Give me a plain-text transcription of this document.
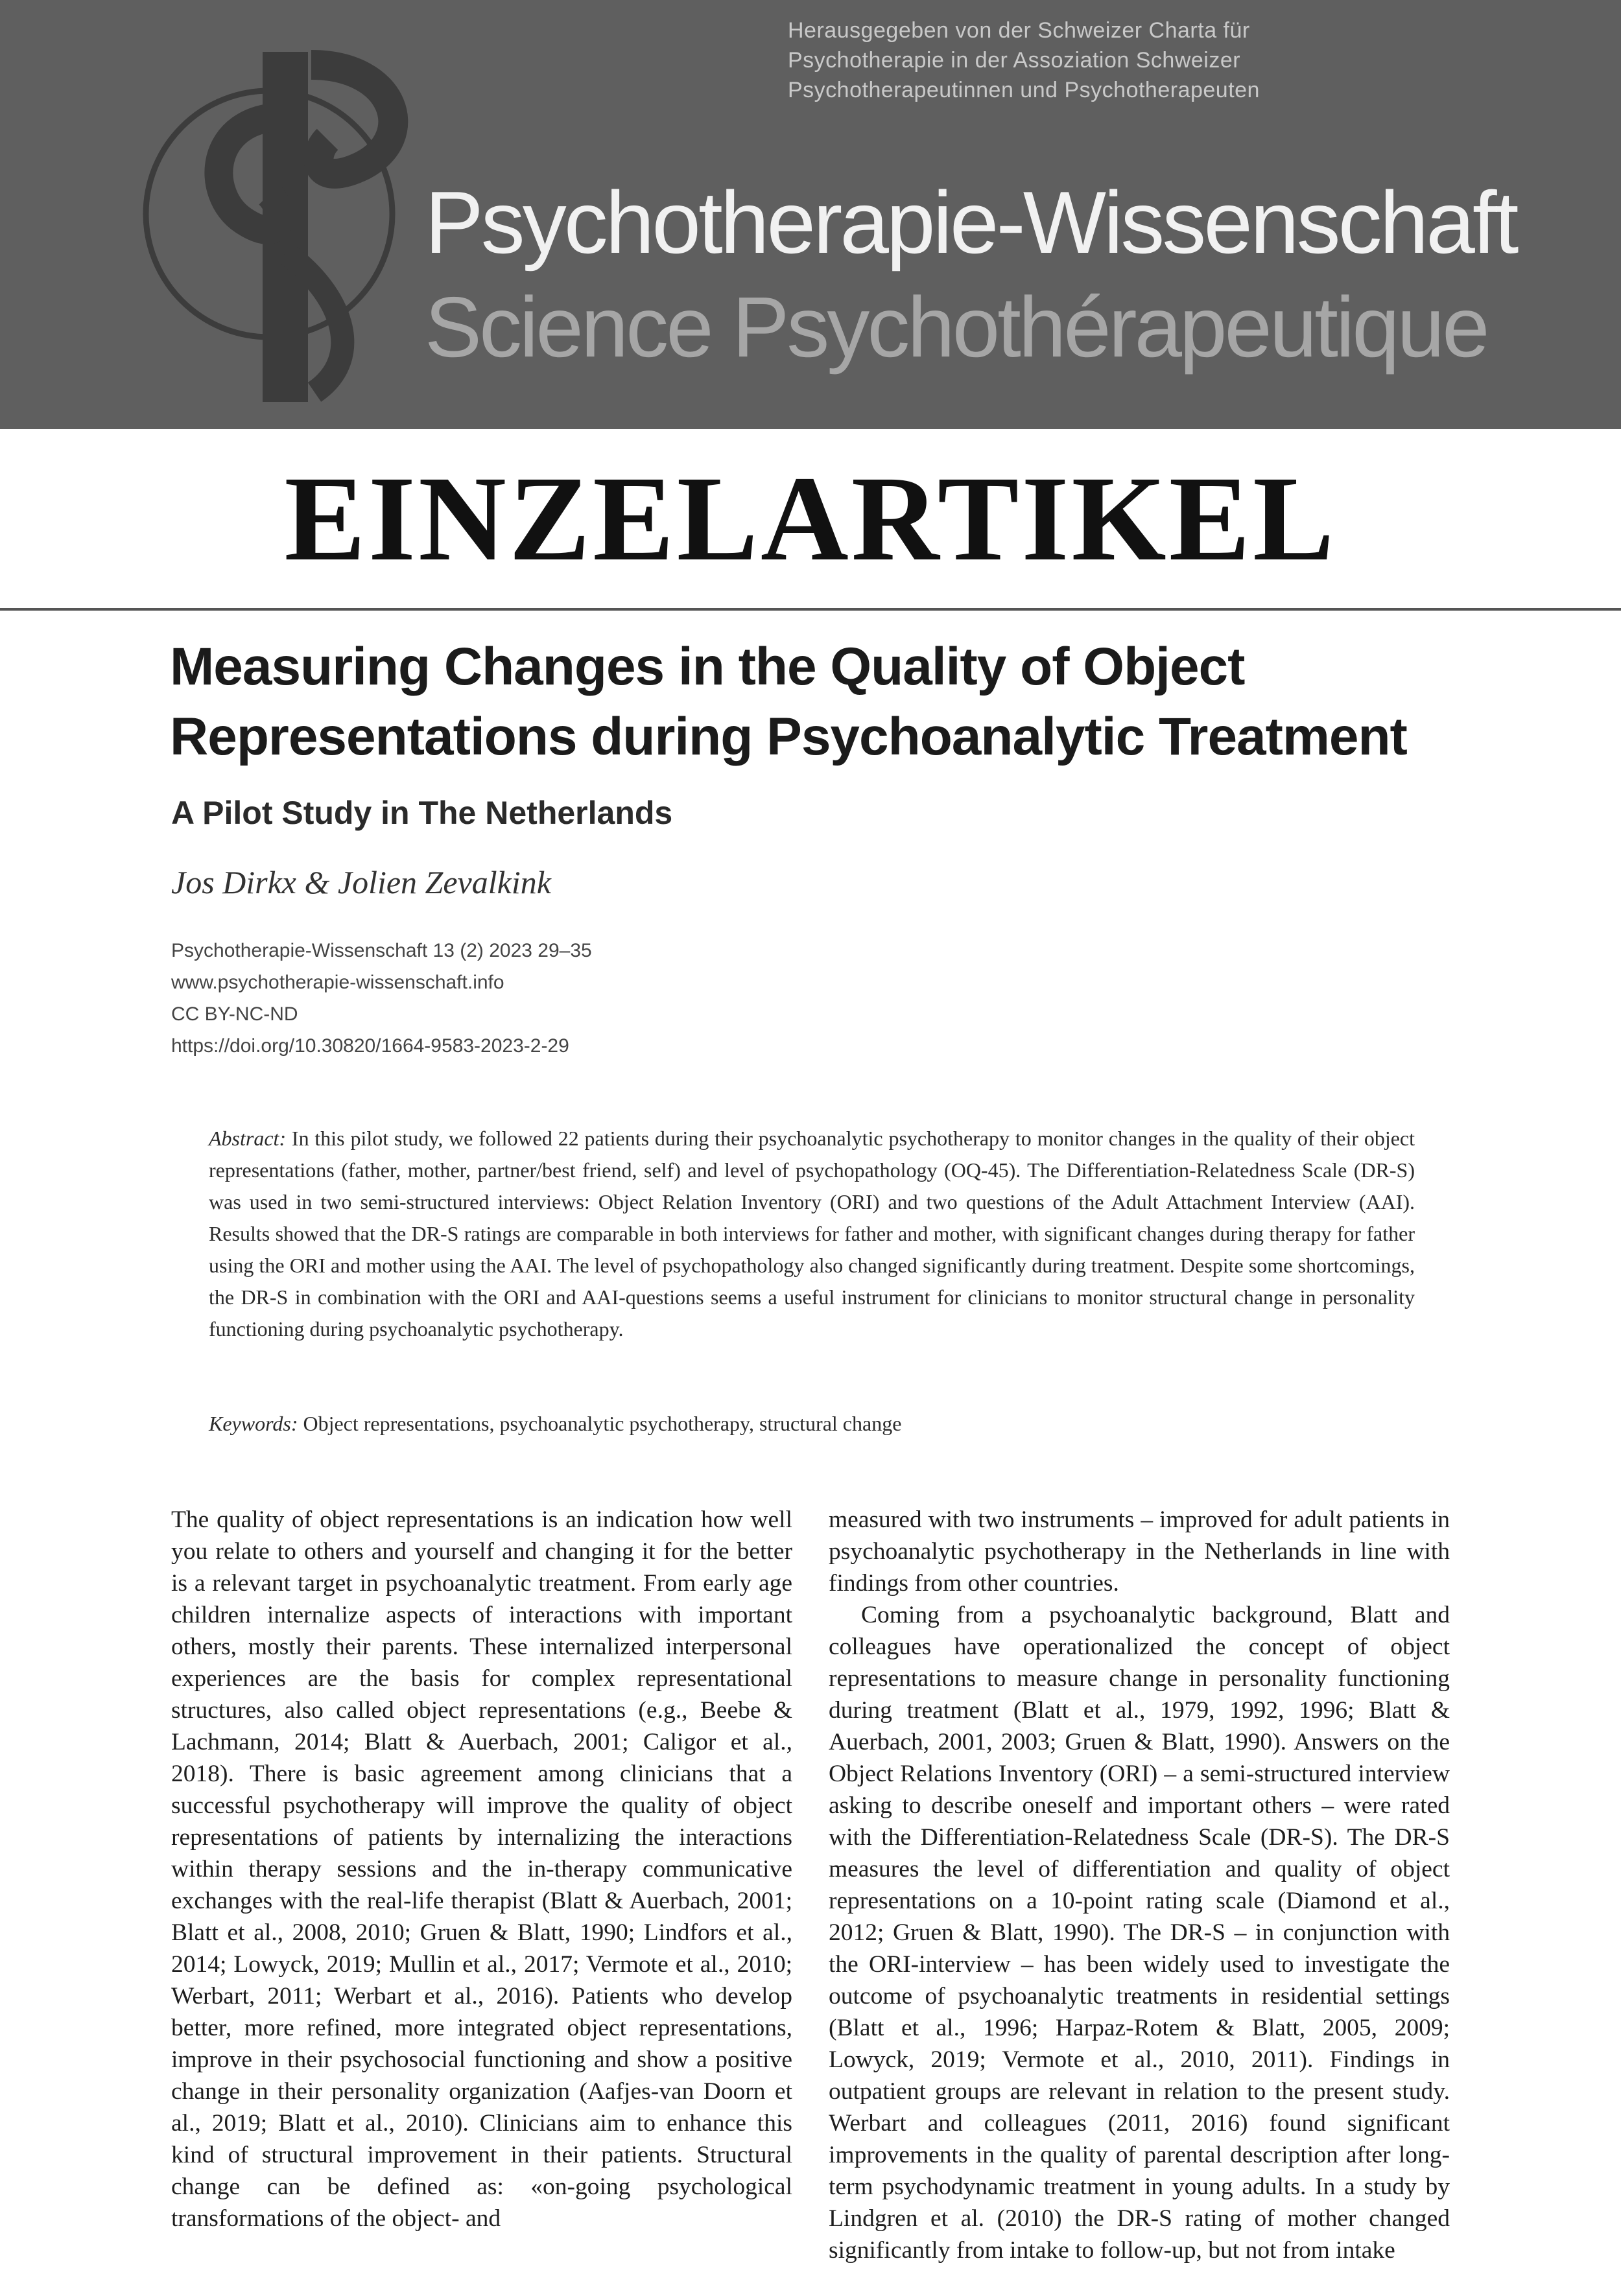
Herausgegeben von der Schweizer Charta für
Psychotherapie in der Assoziation Schweizer
Psychotherapeutinnen und Psychotherapeuten
Psychotherapie-Wissenschaft
Science Psychothérapeutique
EINZELARTIKEL
Measuring Changes in the Quality of Object
Representations during Psychoanalytic Treatment
A Pilot Study in The Netherlands
Jos Dirkx & Jolien Zevalkink
Psychotherapie-Wissenschaft 13 (2) 2023 29–35
www.psychotherapie-wissenschaft.info
CC BY-NC-ND
https://doi.org/10.30820/1664-9583-2023-2-29
Abstract: In this pilot study, we followed 22 patients during their psychoanalytic psychotherapy to monitor changes in the quality of their object representations (father, mother, partner/best friend, self) and level of psychopathology (OQ-45). The Differentiation-Relatedness Scale (DR-S) was used in two semi-structured interviews: Object Relation Inventory (ORI) and two questions of the Adult Attachment Interview (AAI). Results showed that the DR-S ratings are comparable in both interviews for father and mother, with significant changes during therapy for father using the ORI and mother using the AAI. The level of psychopathology also changed significantly during treatment. Despite some shortcomings, the DR-S in combination with the ORI and AAI-questions seems a useful instrument for clinicians to monitor structural change in personality functioning during psychoanalytic psychotherapy.
Keywords: Object representations, psychoanalytic psychotherapy, structural change

The quality of object representations is an indication how well you relate to others and yourself and changing it for the better is a relevant target in psychoanalytic treatment. From early age children internalize aspects of interactions with important others, mostly their parents. These internalized interpersonal experiences are the basis for complex representational structures, also called object representations (e.g., Beebe & Lachmann, 2014; Blatt & Auerbach, 2001; Caligor et al., 2018). There is basic agreement among clinicians that a successful psychotherapy will improve the quality of object representations of patients by internalizing the interactions within therapy sessions and the in-therapy communicative exchanges with the real-life therapist (Blatt & Auerbach, 2001; Blatt et al., 2008, 2010; Gruen & Blatt, 1990; Lindfors et al., 2014; Lowyck, 2019; Mullin et al., 2017; Vermote et al., 2010; Werbart, 2011; Werbart et al., 2016). Patients who develop better, more refined, more integrated object representations, improve in their psychosocial functioning and show a positive change in their personality organization (Aafjes-van Doorn et al., 2019; Blatt et al., 2010). Clinicians aim to enhance this kind of structural improvement in their patients. Structural change can be defined as: «on-going psychological transformations of the object- and

measured with two instruments – improved for adult patients in psychoanalytic psychotherapy in the Netherlands in line with findings from other countries.

Coming from a psychoanalytic background, Blatt and colleagues have operationalized the concept of object representations to measure change in personality functioning during treatment (Blatt et al., 1979, 1992, 1996; Blatt & Auerbach, 2001, 2003; Gruen & Blatt, 1990). Answers on the Object Relations Inventory (ORI) – a semi-structured interview asking to describe oneself and important others – were rated with the Differentiation-Relatedness Scale (DR-S). The DR-S measures the level of differentiation and quality of object representations on a 10-point rating scale (Diamond et al., 2012; Gruen & Blatt, 1990). The DR-S – in conjunction with the ORI-interview – has been widely used to investigate the outcome of psychoanalytic treatments in residential settings (Blatt et al., 1996; Harpaz-Rotem & Blatt, 2005, 2009; Lowyck, 2019; Vermote et al., 2010, 2011). Findings in outpatient groups are relevant in relation to the present study. Werbart and colleagues (2011, 2016) found significant improvements in the quality of parental description after long-term psychodynamic treatment in young adults. In a study by Lindgren et al. (2010) the DR-S rating of mother changed significantly from intake to follow-up, but not from intake
